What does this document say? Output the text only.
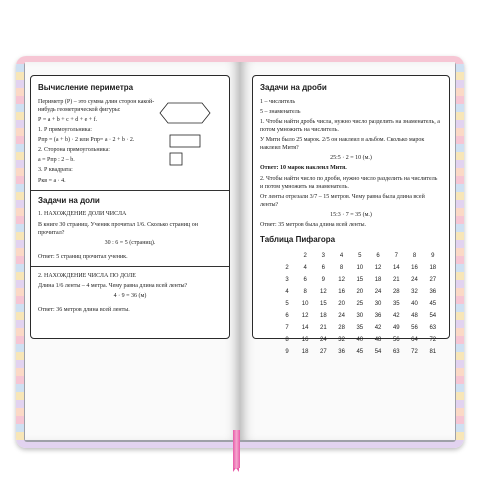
Вычисление периметра
Периметр (Р) – это сумма длин сторон какой-нибудь геометрической фигуры:
Р = a + b + c + d + e + f.
1. Р прямоугольника:
Рпр = (a + b) · 2 или Рпр= a · 2 + b · 2.
2. Сторона прямоугольника:
a = Рпр : 2 – b.
3. Р квадрата:
Ркв = a · 4.
Задачи на доли
1. НАХОЖДЕНИЕ ДОЛИ ЧИСЛА
В книге 30 страниц. Ученик прочитал 1/6. Сколько страниц он прочитал?
30 : 6 = 5 (страниц).
Ответ: 5 страниц прочитал ученик.
2. НАХОЖДЕНИЕ ЧИСЛА ПО ДОЛЕ
Длина 1/6 ленты – 4 метра. Чему равна длина всей ленты?
4 · 9 = 36 (м)
Ответ: 36 метров длина всей ленты.
Задачи на дроби
1 – числитель
5 – знаменатель
1. Чтобы найти дробь числа, нужно число разделить на знаменатель, а потом умножить на числитель.
У Мити было 25 марок. 2/5 он наклеил в альбом. Сколько марок наклеил Митя?
25:5 · 2 = 10 (м.)
Ответ: 10 марок наклеил Митя.
2. Чтобы найти число по дроби, нужно число разделить на числитель и потом умножить на знаменатель.
От ленты отрезали 3/7 – 15 метров. Чему равна была длина всей ленты?
15:3 · 7 = 35 (м.)
Ответ: 35 метров была длина всей ленты.
Таблица Пифагора
	2	3	4	5	6	7	8	9
2	4	6	8	10	12	14	16	18
3	6	9	12	15	18	21	24	27
4	8	12	16	20	24	28	32	36
5	10	15	20	25	30	35	40	45
6	12	18	24	30	36	42	48	54
7	14	21	28	35	42	49	56	63
8	16	24	32	40	48	56	64	72
9	18	27	36	45	54	63	72	81
